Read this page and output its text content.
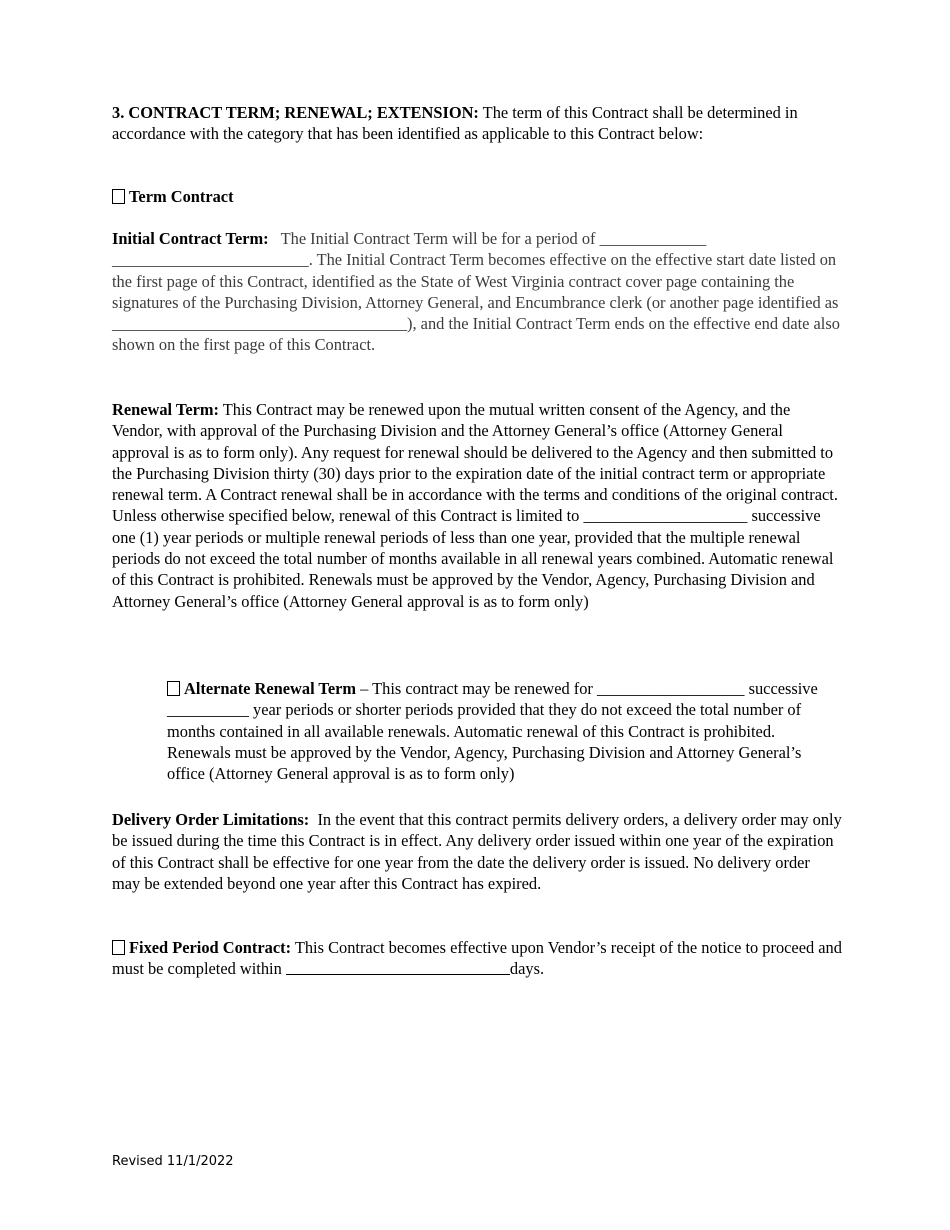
3. CONTRACT TERM; RENEWAL; EXTENSION: The term of this Contract shall be determined in accordance with the category that has been identified as applicable to this Contract below:
Term Contract
Initial Contract Term:   The Initial Contract Term will be for a period of _____________ ________________________. The Initial Contract Term becomes effective on the effective start date listed on the first page of this Contract, identified as the State of West Virginia contract cover page containing the signatures of the Purchasing Division, Attorney General, and Encumbrance clerk (or another page identified as ____________________________________), and the Initial Contract Term ends on the effective end date also shown on the first page of this Contract.
Renewal Term: This Contract may be renewed upon the mutual written consent of the Agency, and the Vendor, with approval of the Purchasing Division and the Attorney General’s office (Attorney General approval is as to form only). Any request for renewal should be delivered to the Agency and then submitted to the Purchasing Division thirty (30) days prior to the expiration date of the initial contract term or appropriate renewal term. A Contract renewal shall be in accordance with the terms and conditions of the original contract. Unless otherwise specified below, renewal of this Contract is limited to ____________________ successive one (1) year periods or multiple renewal periods of less than one year, provided that the multiple renewal periods do not exceed the total number of months available in all renewal years combined. Automatic renewal of this Contract is prohibited. Renewals must be approved by the Vendor, Agency, Purchasing Division and Attorney General’s office (Attorney General approval is as to form only)
Alternate Renewal Term – This contract may be renewed for __________________ successive __________ year periods or shorter periods provided that they do not exceed the total number of months contained in all available renewals. Automatic renewal of this Contract is prohibited. Renewals must be approved by the Vendor, Agency, Purchasing Division and Attorney General’s office (Attorney General approval is as to form only)
Delivery Order Limitations:  In the event that this contract permits delivery orders, a delivery order may only be issued during the time this Contract is in effect. Any delivery order issued within one year of the expiration of this Contract shall be effective for one year from the date the delivery order is issued. No delivery order may be extended beyond one year after this Contract has expired.
Fixed Period Contract: This Contract becomes effective upon Vendor’s receipt of the notice to proceed and must be completed within	days.
Revised 11/1/2022
